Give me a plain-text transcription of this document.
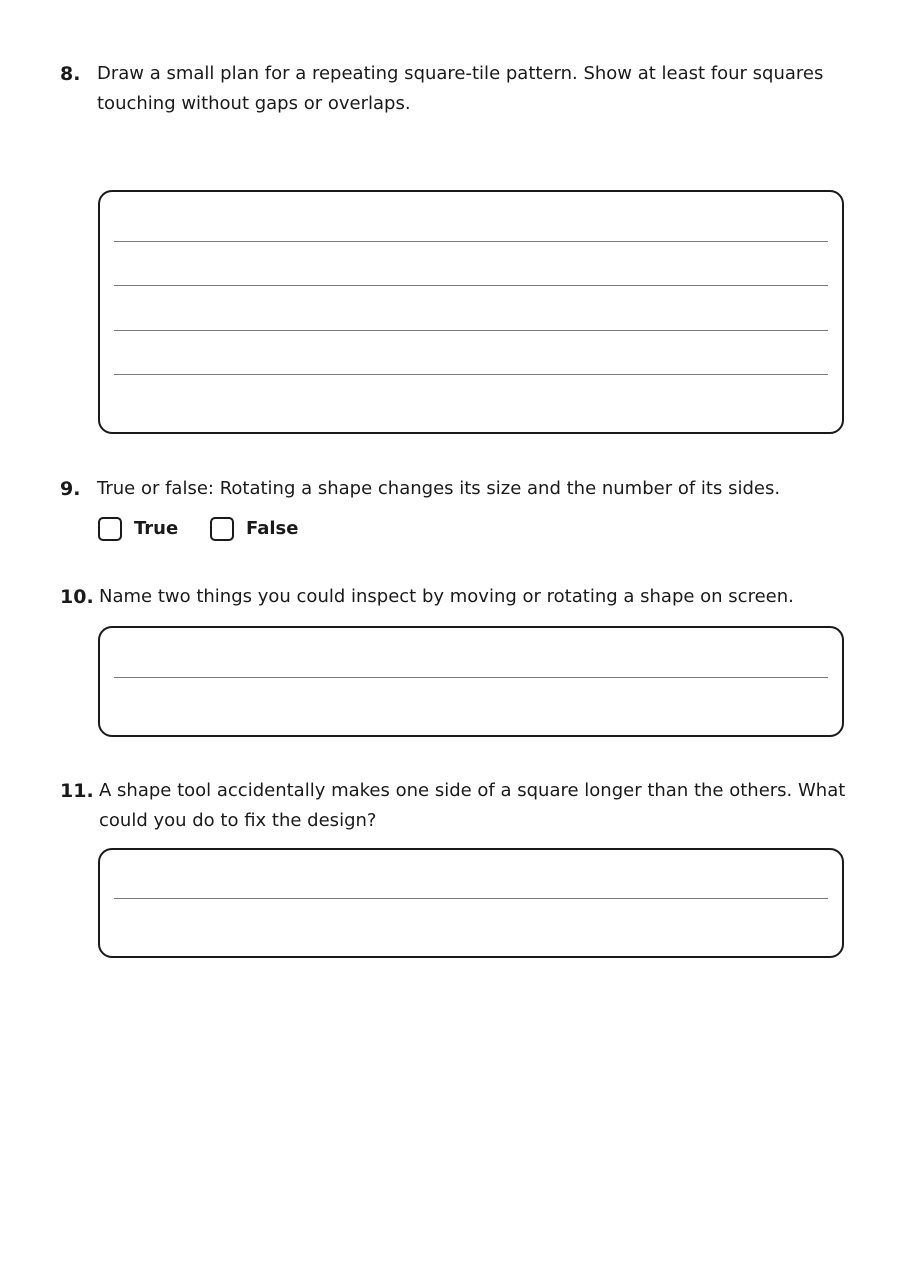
8. Draw a small plan for a repeating square-tile pattern. Show at least four squares
touching without gaps or overlaps.
9. True or false: Rotating a shape changes its size and the number of its sides.
True	False
10. Name two things you could inspect by moving or rotating a shape on screen.
11. A shape tool accidentally makes one side of a square longer than the others. What
could you do to fix the design?
